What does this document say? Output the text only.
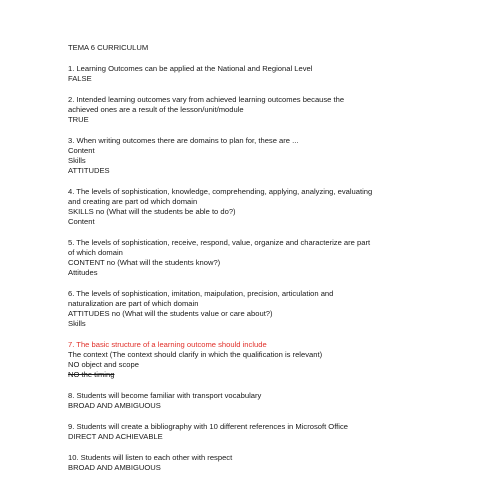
TEMA 6 CURRICULUM
1. Learning Outcomes can be applied at the National and Regional Level
FALSE
2. Intended learning outcomes vary from achieved learning outcomes because the
achieved ones are a result of the lesson/unit/module
TRUE
3. When writing outcomes there are domains to plan for, these are ...
Content
Skills
ATTITUDES
4. The levels of sophistication, knowledge, comprehending, applying, analyzing, evaluating
and creating are part od which domain
SKILLS no (What will the students be able to do?)
Content
5. The levels of sophistication, receive, respond, value, organize and characterize are part
of which domain
CONTENT no (What will the students know?)
Attitudes
6. The levels of sophistication, imitation, maipulation, precision, articulation and
naturalization are part of which domain
ATTITUDES no (What will the students value or care about?)
Skills
7. The basic structure of a learning outcome should include
The context (The context should clarify in which the qualification is relevant)
NO object and scope
NO the timing
8. Students will become familiar with transport vocabulary
BROAD AND AMBIGUOUS
9. Students will create a bibliography with 10 different references in Microsoft Office
DIRECT AND ACHIEVABLE
10. Students will listen to each other with respect
BROAD AND AMBIGUOUS
